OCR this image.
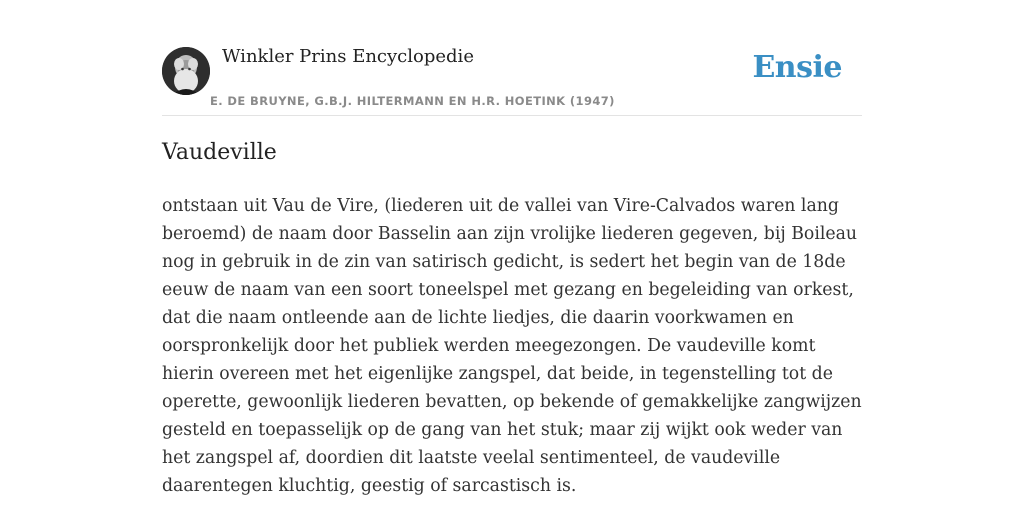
Winkler Prins Encyclopedie
E. DE BRUYNE, G.B.J. HILTERMANN EN H.R. HOETINK (1947)
Ensie
Vaudeville

ontstaan uit Vau de Vire, (liederen uit de vallei van Vire-Calvados waren lang beroemd) de naam door Basselin aan zijn vrolijke liederen gegeven, bij Boileau nog in gebruik in de zin van satirisch gedicht, is sedert het begin van de 18de eeuw de naam van een soort toneelspel met gezang en begeleiding van orkest, dat die naam ontleende aan de lichte liedjes, die daarin voorkwamen en oorspronkelijk door het publiek werden meegezongen. De vaudeville komt hierin overeen met het eigenlijke zangspel, dat beide, in tegenstelling tot de operette, gewoonlijk liederen bevatten, op bekende of gemakkelijke zangwijzen gesteld en toepasselijk op de gang van het stuk; maar zij wijkt ook weder van het zangspel af, doordien dit laatste veelal sentimenteel, de vaudeville daarentegen kluchtig, geestig of sarcastisch is.
